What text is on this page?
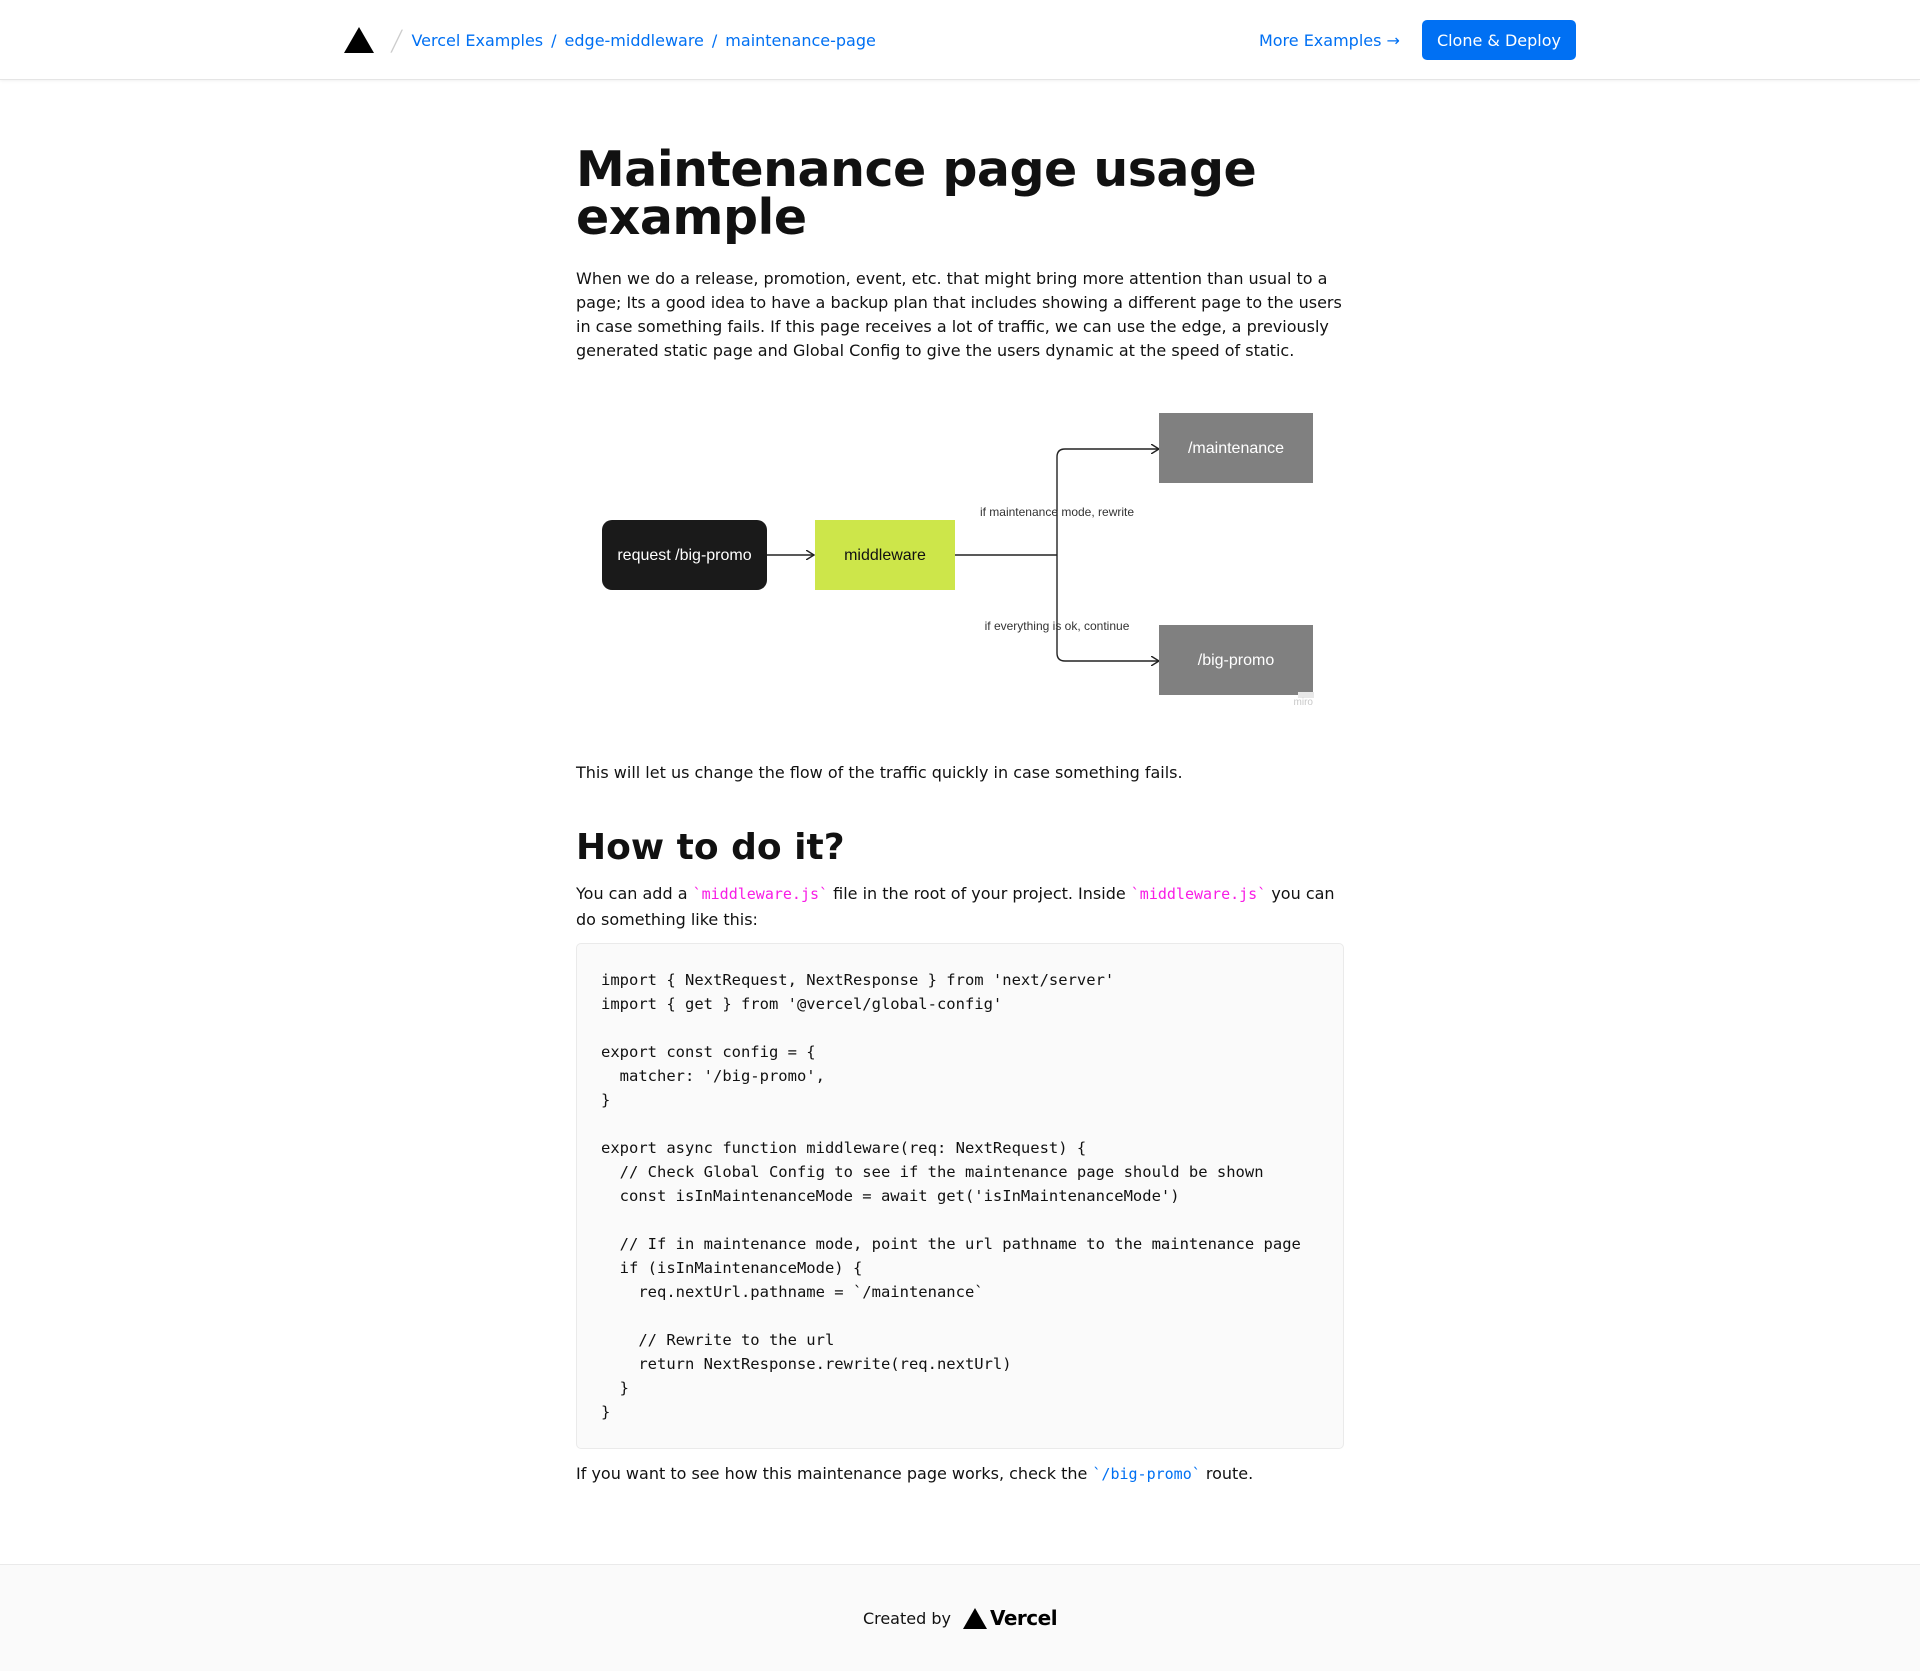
/ Vercel Examples / edge-middleware / maintenance-page	More Examples →	Clone & Deploy
Maintenance page usage example

When we do a release, promotion, event, etc. that might bring more attention than usual to a page; Its a good idea to have a backup plan that includes showing a different page to the users in case something fails. If this page receives a lot of traffic, we can use the edge, a previously generated static page and Global Config to give the users dynamic at the speed of static.

request /big-promo	middleware
if maintenance mode, rewrite
if everything is ok, continue
/maintenance
/big-promo
miro

This will let us change the flow of the traffic quickly in case something fails.

How to do it?

You can add a `middleware.js` file in the root of your project. Inside `middleware.js` you can do something like this:

import { NextRequest, NextResponse } from 'next/server'
import { get } from '@vercel/global-config'

export const config = {
matcher: '/big-promo',
}

export async function middleware(req: NextRequest) {
// Check Global Config to see if the maintenance page should be shown
const isInMaintenanceMode = await get('isInMaintenanceMode')

// If in maintenance mode, point the url pathname to the maintenance page
if (isInMaintenanceMode) {
req.nextUrl.pathname = `/maintenance`

// Rewrite to the url
return NextResponse.rewrite(req.nextUrl)
}
}

If you want to see how this maintenance page works, check the `/big-promo` route.

Created by Vercel
